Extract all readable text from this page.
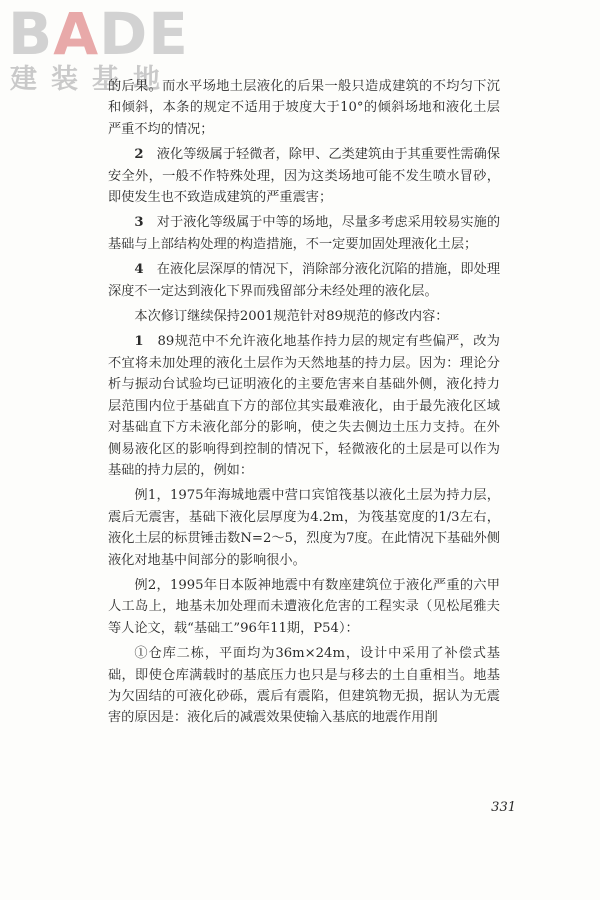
BADE
建装基地

的后果。而水平场地土层液化的后果一般只造成建筑的不均匀下沉和倾斜，本条的规定不适用于坡度大于10°的倾斜场地和液化土层严重不均的情况；

2　 液化等级属于轻微者，除甲、乙类建筑由于其重要性需确保安全外，一般不作特殊处理，因为这类场地可能不发生喷水冒砂，即使发生也不致造成建筑的严重震害；

3　 对于液化等级属于中等的场地，尽量多考虑采用较易实施的基础与上部结构处理的构造措施，不一定要加固处理液化土层；

4　 在液化层深厚的情况下，消除部分液化沉陷的措施，即处理深度不一定达到液化下界而残留部分未经处理的液化层。

本次修订继续保持2001规范针对89规范的修改内容：

1　 89规范中不允许液化地基作持力层的规定有些偏严，改为不宜将未加处理的液化土层作为天然地基的持力层。因为：理论分析与振动台试验均已证明液化的主要危害来自基础外侧，液化持力层范围内位于基础直下方的部位其实最难液化，由于最先液化区域对基础直下方未液化部分的影响，使之失去侧边土压力支持。在外侧易液化区的影响得到控制的情况下，轻微液化的土层是可以作为基础的持力层的，例如：

例1，1975年海城地震中营口宾馆筏基以液化土层为持力层，震后无震害，基础下液化层厚度为4.2m，为筏基宽度的1/3左右，液化土层的标贯锤击数N=2～5，烈度为7度。在此情况下基础外侧液化对地基中间部分的影响很小。

例2，1995年日本阪神地震中有数座建筑位于液化严重的六甲人工岛上，地基未加处理而未遭液化危害的工程实录（见松尾雅夫等人论文，载“基础工”96年11期，P54）：

①仓库二栋，平面均为36m×24m，设计中采用了补偿式基础，即使仓库满载时的基底压力也只是与移去的土自重相当。地基为欠固结的可液化砂砾，震后有震陷，但建筑物无损，据认为无震害的原因是：液化后的减震效果使输入基底的地震作用削

331
